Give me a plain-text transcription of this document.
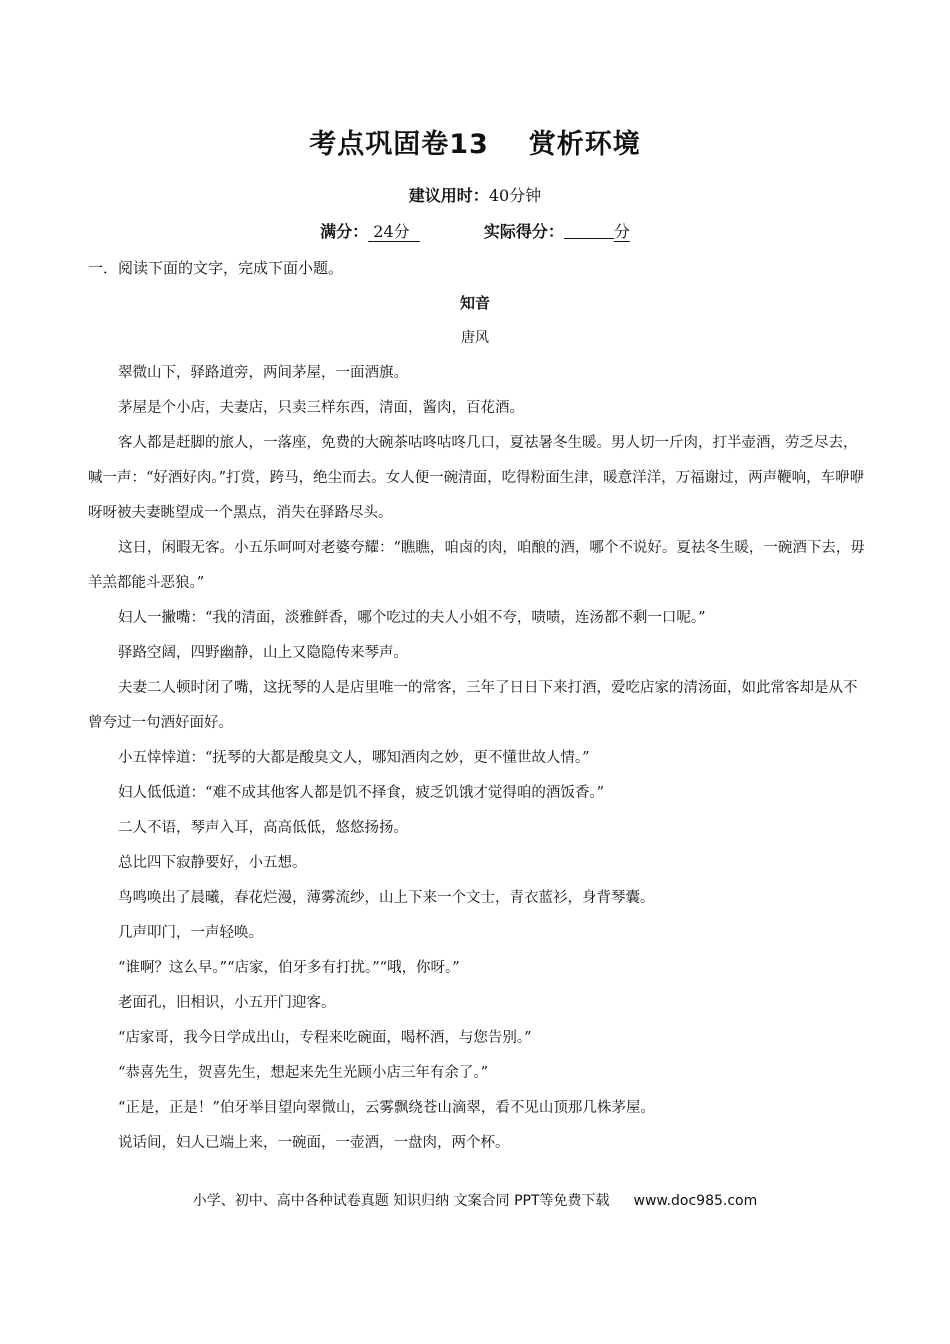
考点巩固卷13 赏析环境
建议用时：40分钟
满分： 24分	实际得分：	分
一．阅读下面的文字，完成下面小题。
知音
唐风

翠微山下，驿路道旁，两间茅屋，一面酒旗。

茅屋是个小店，夫妻店，只卖三样东西，清面，酱肉，百花酒。

客人都是赶脚的旅人，一落座，免费的大碗茶咕咚咕咚几口，夏祛暑冬生暖。男人切一斤肉，打半壶酒，劳乏尽去，喊一声：“好酒好肉。”打赏，跨马，绝尘而去。女人便一碗清面，吃得粉面生津，暖意洋洋，万福谢过，两声鞭响，车咿咿呀呀被夫妻眺望成一个黑点，消失在驿路尽头。

这日，闲暇无客。小五乐呵呵对老婆夸耀：“瞧瞧，咱卤的肉，咱酿的酒，哪个不说好。夏祛冬生暖，一碗酒下去，毋羊羔都能斗恶狼。”

妇人一撇嘴：“我的清面，淡雅鲜香，哪个吃过的夫人小姐不夸，啧啧，连汤都不剩一口呢。”

驿路空阔，四野幽静，山上又隐隐传来琴声。

夫妻二人顿时闭了嘴，这抚琴的人是店里唯一的常客，三年了日日下来打酒，爱吃店家的清汤面，如此常客却是从不曾夸过一句酒好面好。

小五悻悻道：“抚琴的大都是酸臭文人，哪知酒肉之妙，更不懂世故人情。”

妇人低低道：“难不成其他客人都是饥不择食，疲乏饥饿才觉得咱的酒饭香。”

二人不语，琴声入耳，高高低低，悠悠扬扬。

总比四下寂静要好，小五想。

鸟鸣唤出了晨曦，春花烂漫，薄雾流纱，山上下来一个文士，青衣蓝衫，身背琴囊。

几声叩门，一声轻唤。

“谁啊？这么早。”“店家，伯牙多有打扰。”“哦，你呀。”

老面孔，旧相识，小五开门迎客。

“店家哥，我今日学成出山，专程来吃碗面，喝杯酒，与您告别。”

“恭喜先生，贺喜先生，想起来先生光顾小店三年有余了。”

“正是，正是！”伯牙举目望向翠微山，云雾飘绕苍山滴翠，看不见山顶那几株茅屋。

说话间，妇人已端上来，一碗面，一壶酒，一盘肉，两个杯。

小学、初中、高中各种试卷真题 知识归纳 文案合同 PPT等免费下载 www.doc985.com
